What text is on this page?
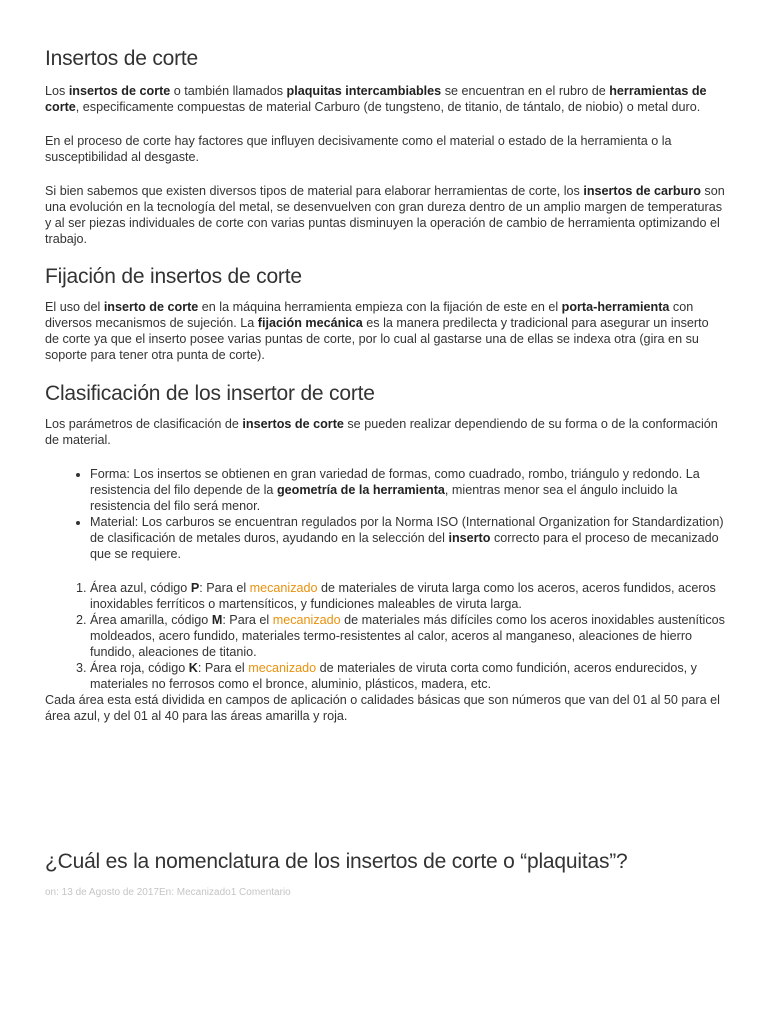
Insertos de corte

Los insertos de corte o también llamados plaquitas intercambiables se encuentran en el rubro de herramientas de corte, especificamente compuestas de material Carburo (de tungsteno, de titanio, de tántalo, de niobio) o metal duro.

En el proceso de corte hay factores que influyen decisivamente como el material o estado de la herramienta o la susceptibilidad al desgaste.

Si bien sabemos que existen diversos tipos de material para elaborar herramientas de corte, los insertos de carburo son una evolución en la tecnología del metal, se desenvuelven con gran dureza dentro de un amplio margen de temperaturas y al ser piezas individuales de corte con varias puntas disminuyen la operación de cambio de herramienta optimizando el trabajo.

Fijación de insertos de corte

El uso del inserto de corte en la máquina herramienta empieza con la fijación de este en el porta-herramienta con diversos mecanismos de sujeción. La fijación mecánica es la manera predilecta y tradicional para asegurar un inserto de corte ya que el inserto posee varias puntas de corte, por lo cual al gastarse una de ellas se indexa otra (gira en su soporte para tener otra punta de corte).

Clasificación de los insertor de corte

Los parámetros de clasificación de insertos de corte se pueden realizar dependiendo de su forma o de la conformación de material.

• Forma: Los insertos se obtienen en gran variedad de formas, como cuadrado, rombo, triángulo y redondo. La resistencia del filo depende de la geometría de la herramienta, mientras menor sea el ángulo incluido la resistencia del filo será menor.
• Material: Los carburos se encuentran regulados por la Norma ISO (International Organization for Standardization) de clasificación de metales duros, ayudando en la selección del inserto correcto para el proceso de mecanizado que se requiere.
1. Área azul, código P: Para el mecanizado de materiales de viruta larga como los aceros, aceros fundidos, aceros inoxidables ferríticos o martensíticos, y fundiciones maleables de viruta larga.
2. Área amarilla, código M: Para el mecanizado de materiales más difíciles como los aceros inoxidables austeníticos moldeados, acero fundido, materiales termo-resistentes al calor, aceros al manganeso, aleaciones de hierro fundido, aleaciones de titanio.
3. Área roja, código K: Para el mecanizado de materiales de viruta corta como fundición, aceros endurecidos, y materiales no ferrosos como el bronce, aluminio, plásticos, madera, etc.

Cada área esta está dividida en campos de aplicación o calidades básicas que son números que van del 01 al 50 para el área azul, y del 01 al 40 para las áreas amarilla y roja.

¿Cuál es la nomenclatura de los insertos de corte o “plaquitas”?

on: 13 de Agosto de 2017En: Mecanizado1 Comentario
